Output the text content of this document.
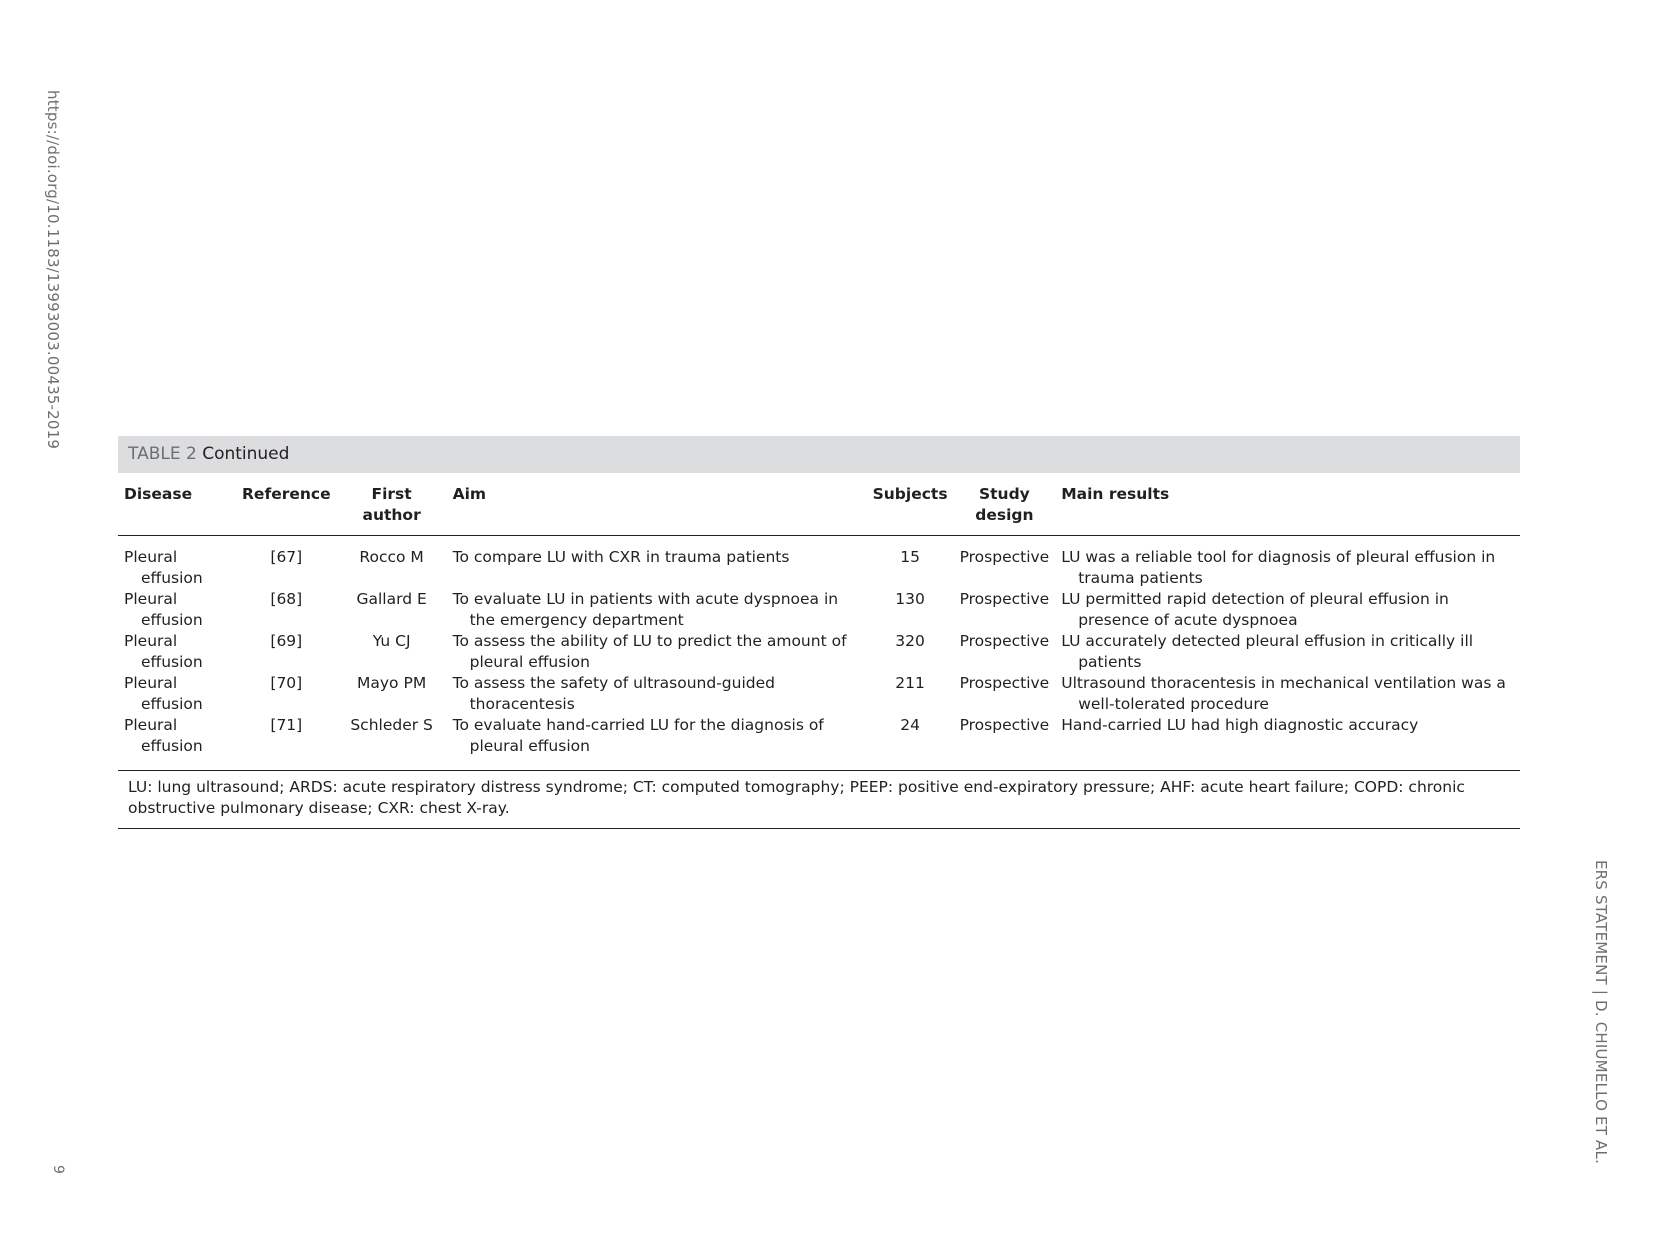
https://doi.org/10.1183/13993003.00435-2019
ERS STATEMENT | D. CHIUMELLO ET AL.
9
TABLE 2 Continued
Disease	Reference	First author	Aim	Subjects	Study design	Main results
Pleural effusion	[67]	Rocco M	To compare LU with CXR in trauma patients	15	Prospective	LU was a reliable tool for diagnosis of pleural effusion in trauma patients
Pleural effusion	[68]	Gallard E	To evaluate LU in patients with acute dyspnoea in the emergency department	130	Prospective	LU permitted rapid detection of pleural effusion in presence of acute dyspnoea
Pleural effusion	[69]	Yu CJ	To assess the ability of LU to predict the amount of pleural effusion	320	Prospective	LU accurately detected pleural effusion in critically ill patients
Pleural effusion	[70]	Mayo PM	To assess the safety of ultrasound-guided thoracentesis	211	Prospective	Ultrasound thoracentesis in mechanical ventilation was a well-tolerated procedure
Pleural effusion	[71]	Schleder S	To evaluate hand-carried LU for the diagnosis of pleural effusion	24	Prospective	Hand-carried LU had high diagnostic accuracy
LU: lung ultrasound; ARDS: acute respiratory distress syndrome; CT: computed tomography; PEEP: positive end-expiratory pressure; AHF: acute heart failure; COPD: chronic obstructive pulmonary disease; CXR: chest X-ray.
